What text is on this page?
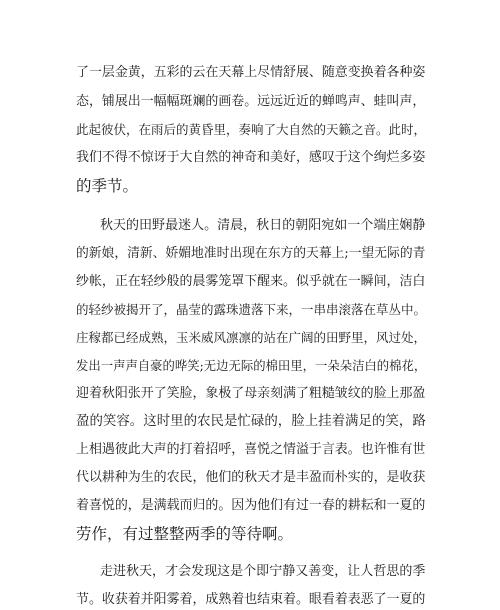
了一层金黄，五彩的云在天幕上尽情舒展、随意变换着各种姿
态，铺展出一幅幅斑斓的画卷。远远近近的蝉鸣声、蛙叫声，
此起彼伏，在雨后的黄昏里，奏响了大自然的天籁之音。此时，
我们不得不惊讶于大自然的神奇和美好，感叹于这个绚烂多姿
的季节。
秋天的田野最迷人。清晨，秋日的朝阳宛如一个端庄娴静
的新娘，清新、娇媚地准时出现在东方的天幕上;一望无际的青
纱帐，正在轻纱般的晨雾笼罩下醒来。似乎就在一瞬间，洁白
的轻纱被揭开了，晶莹的露珠遗落下来，一串串滚落在草丛中。
庄稼都已经成熟，玉米威风凛凛的站在广阔的田野里，风过处，
发出一声声自豪的哗笑;无边无际的棉田里，一朵朵洁白的棉花，
迎着秋阳张开了笑脸，象极了母亲刻满了粗糙皱纹的脸上那盈
盈的笑容。这时里的农民是忙碌的，脸上挂着满足的笑，路
上相遇彼此大声的打着招呼，喜悦之情溢于言表。也许惟有世
代以耕种为生的农民，他们的秋天才是丰盈而朴实的，是收获
着喜悦的，是满载而归的。因为他们有过一春的耕耘和一夏的
劳作，有过整整两季的等待啊。
走进秋天，才会发现这是个即宁静又善变，让人哲思的季
节。收获着并阳雾着，成熟着也结束着。眼看着表恶了一夏的
